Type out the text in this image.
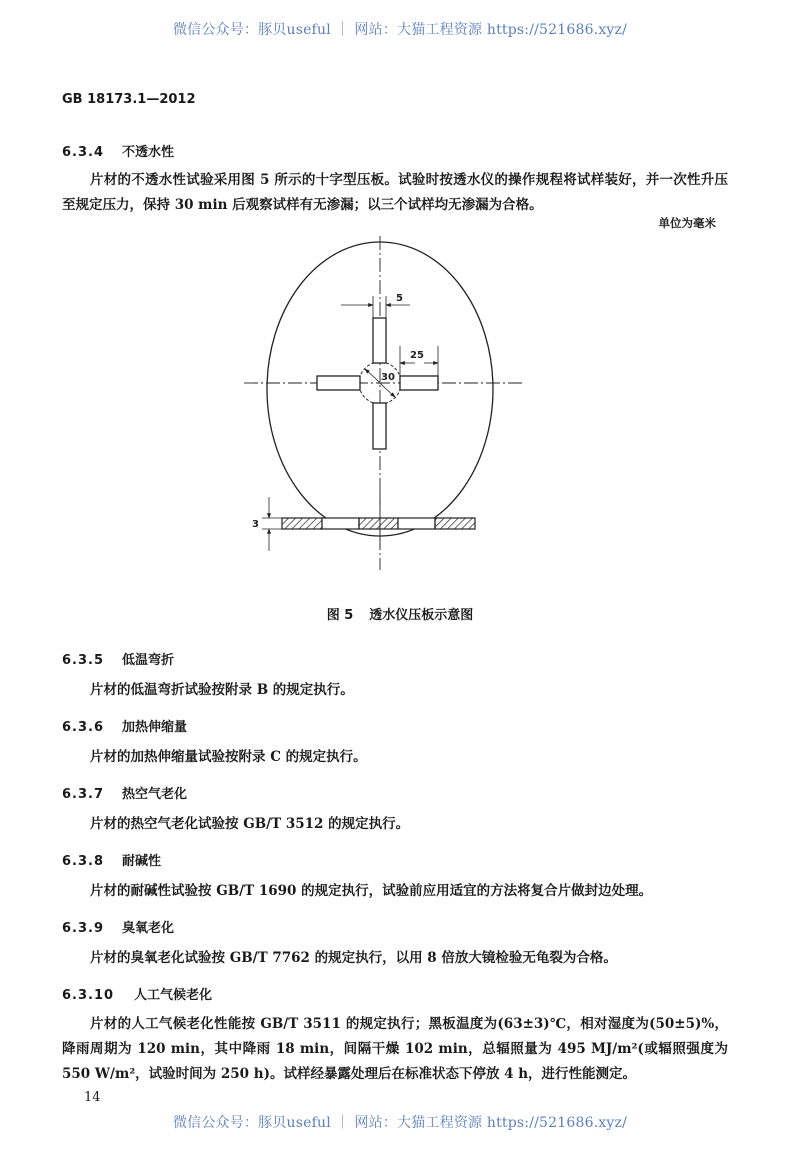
微信公众号：豚贝useful ｜ 网站：大猫工程资源 https://521686.xyz/
GB 18173.1—2012
6.3.4 不透水性
片材的不透水性试验采用图 5 所示的十字型压板。试验时按透水仪的操作规程将试样装好，并一次性升压至规定压力，保持 30 min 后观察试样有无渗漏；以三个试样均无渗漏为合格。
单位为毫米
5
25
30
3
图 5 透水仪压板示意图
6.3.5 低温弯折
片材的低温弯折试验按附录 B 的规定执行。
6.3.6 加热伸缩量
片材的加热伸缩量试验按附录 C 的规定执行。
6.3.7 热空气老化
片材的热空气老化试验按 GB/T 3512 的规定执行。
6.3.8 耐碱性
片材的耐碱性试验按 GB/T 1690 的规定执行，试验前应用适宜的方法将复合片做封边处理。
6.3.9 臭氧老化
片材的臭氧老化试验按 GB/T 7762 的规定执行，以用 8 倍放大镜检验无龟裂为合格。
6.3.10 人工气候老化
片材的人工气候老化性能按 GB/T 3511 的规定执行；黑板温度为(63±3)℃，相对湿度为(50±5)%，降雨周期为 120 min，其中降雨 18 min，间隔干燥 102 min，总辐照量为 495 MJ/m²(或辐照强度为 550 W/m²，试验时间为 250 h)。试样经暴露处理后在标准状态下停放 4 h，进行性能测定。
14
微信公众号：豚贝useful ｜ 网站：大猫工程资源 https://521686.xyz/
